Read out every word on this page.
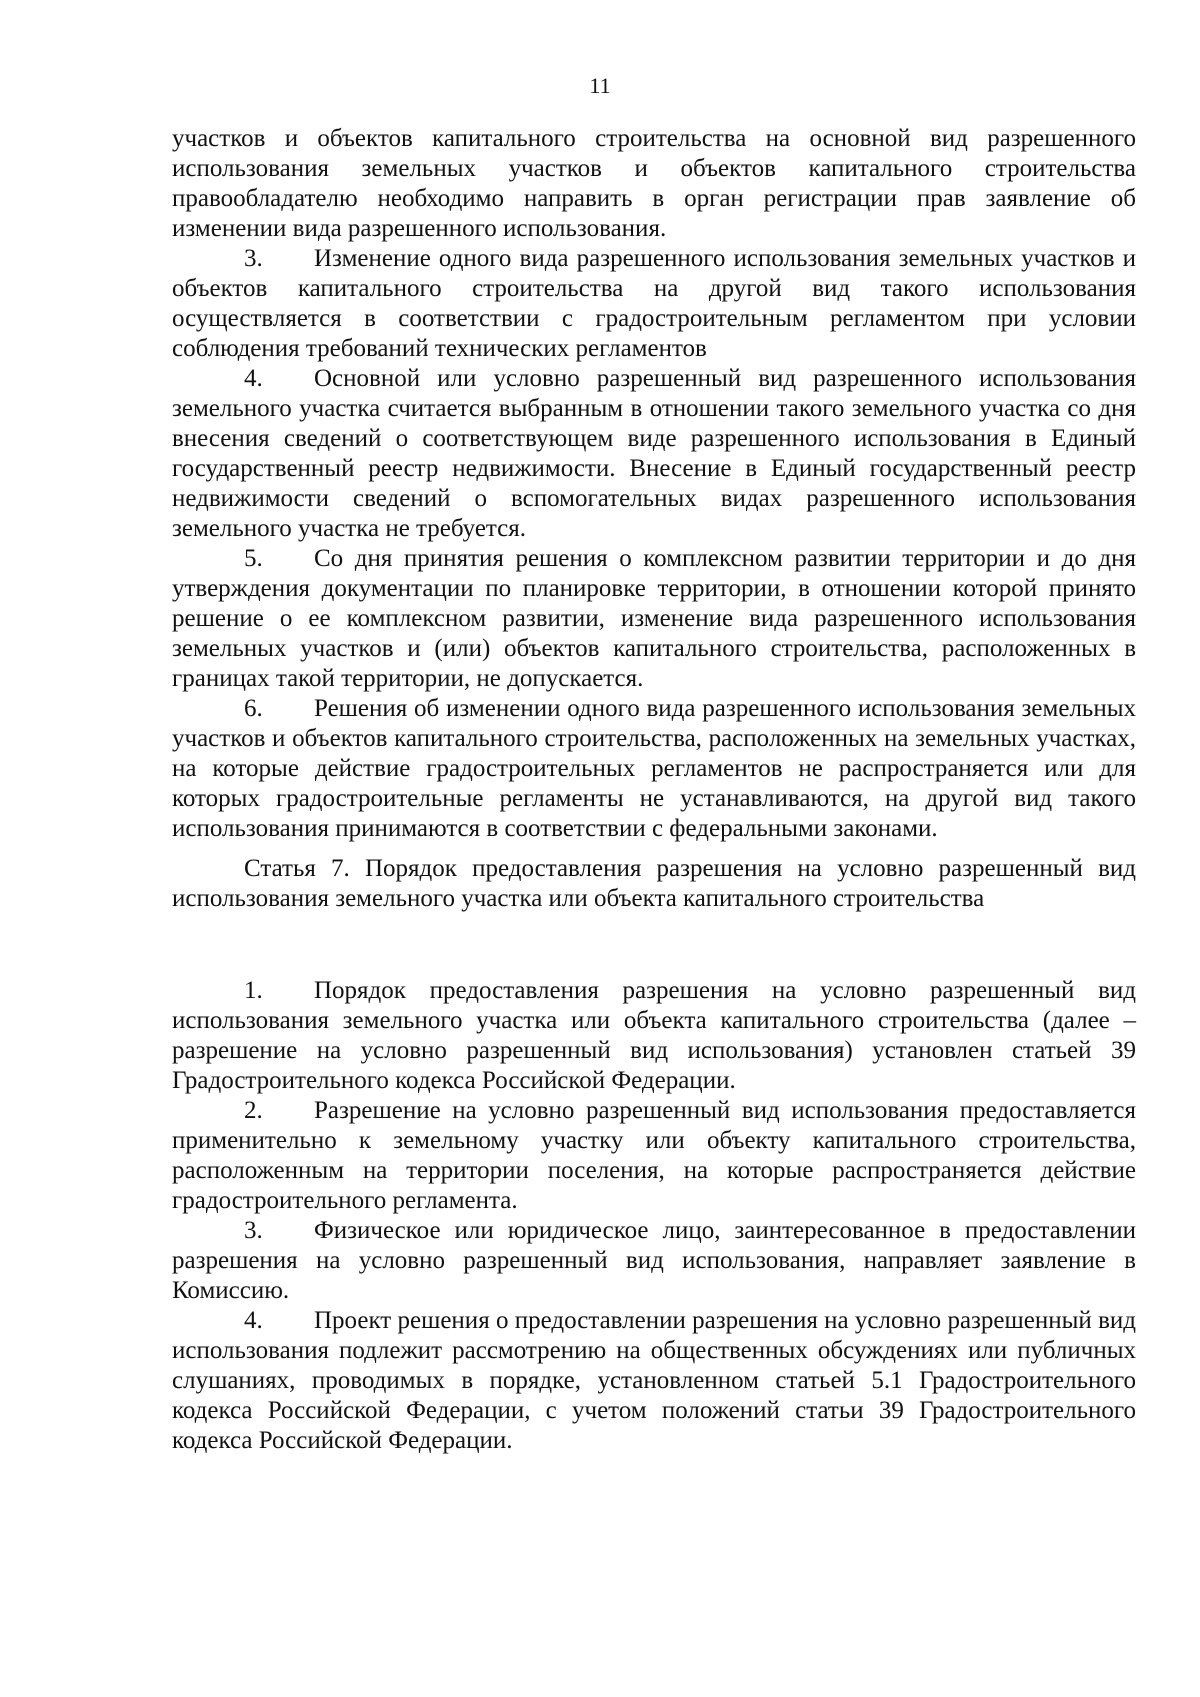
11

участков и объектов капитального строительства на основной вид разрешенного использования земельных участков и объектов капитального строительства правообладателю необходимо направить в орган регистрации прав заявление об изменении вида разрешенного использования.

3. Изменение одного вида разрешенного использования земельных участков и объектов капитального строительства на другой вид такого использования осуществляется в соответствии с градостроительным регламентом при условии соблюдения требований технических регламентов

4. Основной или условно разрешенный вид разрешенного использования земельного участка считается выбранным в отношении такого земельного участка со дня внесения сведений о соответствующем виде разрешенного использования в Единый государственный реестр недвижимости. Внесение в Единый государственный реестр недвижимости сведений о вспомогательных видах разрешенного использования земельного участка не требуется.

5. Со дня принятия решения о комплексном развитии территории и до дня утверждения документации по планировке территории, в отношении которой принято решение о ее комплексном развитии, изменение вида разрешенного использования земельных участков и (или) объектов капитального строительства, расположенных в границах такой территории, не допускается.

6. Решения об изменении одного вида разрешенного использования земельных участков и объектов капитального строительства, расположенных на земельных участках, на которые действие градостроительных регламентов не распространяется или для которых градостроительные регламенты не устанавливаются, на другой вид такого использования принимаются в соответствии с федеральными законами.

Статья 7. Порядок предоставления разрешения на условно разрешенный вид использования земельного участка или объекта капитального строительства

1. Порядок предоставления разрешения на условно разрешенный вид использования земельного участка или объекта капитального строительства (далее – разрешение на условно разрешенный вид использования) установлен статьей 39 Градостроительного кодекса Российской Федерации.

2. Разрешение на условно разрешенный вид использования предоставляется применительно к земельному участку или объекту капитального строительства, расположенным на территории поселения, на которые распространяется действие градостроительного регламента.

3. Физическое или юридическое лицо, заинтересованное в предоставлении разрешения на условно разрешенный вид использования, направляет заявление в Комиссию.

4. Проект решения о предоставлении разрешения на условно разрешенный вид использования подлежит рассмотрению на общественных обсуждениях или публичных слушаниях, проводимых в порядке, установленном статьей 5.1 Градостроительного кодекса Российской Федерации, с учетом положений статьи 39 Градостроительного кодекса Российской Федерации.
